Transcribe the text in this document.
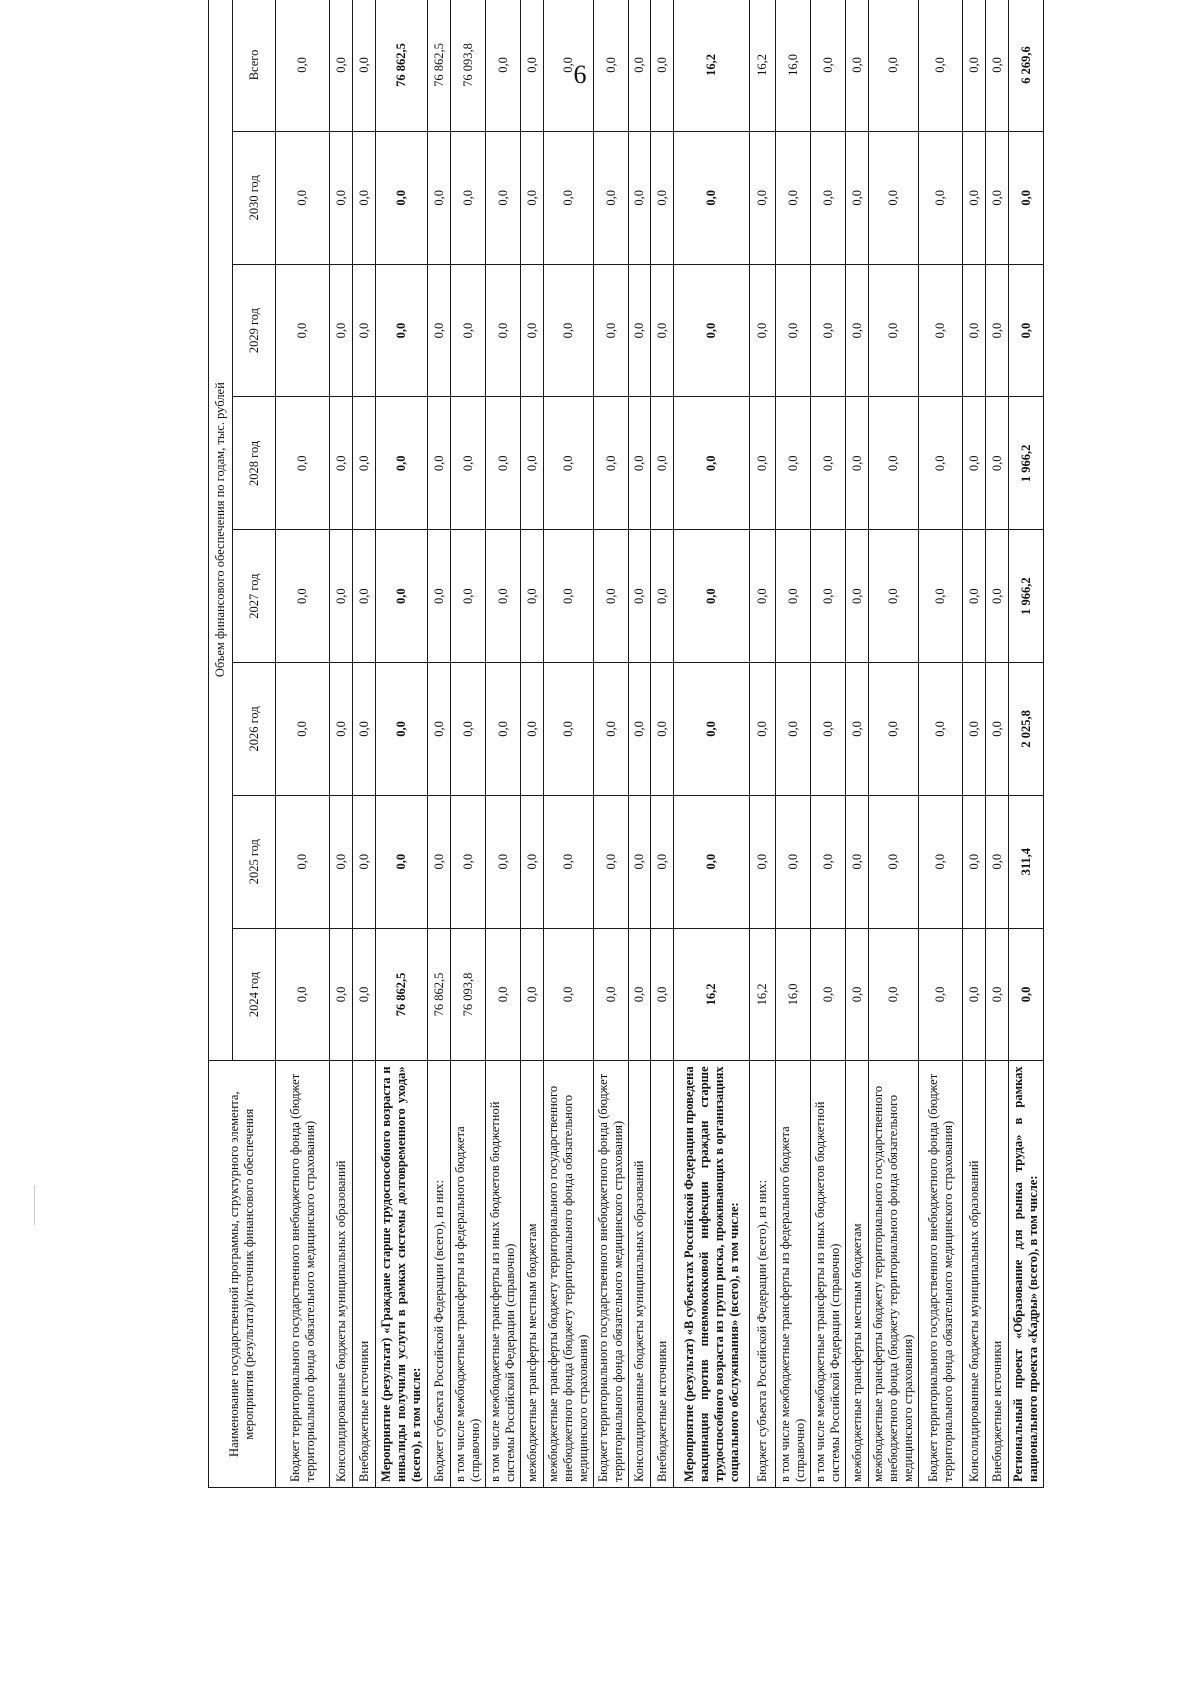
6
Наименование государственной программы, структурного элемента, мероприятия (результата)/источник финансового обеспечения	Объем финансового обеспечения по годам, тыс. рублей							
	2024 год	2025 год	2026 год	2027 год	2028 год	2029 год	2030 год	Всего
Бюджет территориального государственного внебюджетного фонда (бюджет территориального фонда обязательного медицинского страхования)	0,0	0,0	0,0	0,0	0,0	0,0	0,0	0,0
Консолидированные бюджеты муниципальных образований	0,0	0,0	0,0	0,0	0,0	0,0	0,0	0,0
Внебюджетные источники	0,0	0,0	0,0	0,0	0,0	0,0	0,0	0,0
Мероприятие (результат) «Граждане старше трудоспособного возраста и инвалиды получили услуги в рамках системы долговременного ухода» (всего), в том числе:	76 862,5	0,0	0,0	0,0	0,0	0,0	0,0	76 862,5
Бюджет субъекта Российской Федерации (всего), из них:	76 862,5	0,0	0,0	0,0	0,0	0,0	0,0	76 862,5
в том числе межбюджетные трансферты из федерального бюджета (справочно)	76 093,8	0,0	0,0	0,0	0,0	0,0	0,0	76 093,8
в том числе межбюджетные трансферты из иных бюджетов бюджетной системы Российской Федерации (справочно)	0,0	0,0	0,0	0,0	0,0	0,0	0,0	0,0
межбюджетные трансферты местным бюджетам	0,0	0,0	0,0	0,0	0,0	0,0	0,0	0,0
межбюджетные трансферты бюджету территориального государственного внебюджетного фонда (бюджету территориального фонда обязательного медицинского страхования)	0,0	0,0	0,0	0,0	0,0	0,0	0,0	0,0
Бюджет территориального государственного внебюджетного фонда (бюджет территориального фонда обязательного медицинского страхования)	0,0	0,0	0,0	0,0	0,0	0,0	0,0	0,0
Консолидированные бюджеты муниципальных образований	0,0	0,0	0,0	0,0	0,0	0,0	0,0	0,0
Внебюджетные источники	0,0	0,0	0,0	0,0	0,0	0,0	0,0	0,0
Мероприятие (результат) «В субъектах Российской Федерации проведена вакцинация против пневмококковой инфекции граждан старше трудоспособного возраста из групп риска, проживающих в организациях социального обслуживания» (всего), в том числе:	16,2	0,0	0,0	0,0	0,0	0,0	0,0	16,2
Бюджет субъекта Российской Федерации (всего), из них:	16,2	0,0	0,0	0,0	0,0	0,0	0,0	16,2
в том числе межбюджетные трансферты из федерального бюджета (справочно)	16,0	0,0	0,0	0,0	0,0	0,0	0,0	16,0
в том числе межбюджетные трансферты из иных бюджетов бюджетной системы Российской Федерации (справочно)	0,0	0,0	0,0	0,0	0,0	0,0	0,0	0,0
межбюджетные трансферты местным бюджетам	0,0	0,0	0,0	0,0	0,0	0,0	0,0	0,0
межбюджетные трансферты бюджету территориального государственного внебюджетного фонда (бюджету территориального фонда обязательного медицинского страхования)	0,0	0,0	0,0	0,0	0,0	0,0	0,0	0,0
Бюджет территориального государственного внебюджетного фонда (бюджет территориального фонда обязательного медицинского страхования)	0,0	0,0	0,0	0,0	0,0	0,0	0,0	0,0
Консолидированные бюджеты муниципальных образований	0,0	0,0	0,0	0,0	0,0	0,0	0,0	0,0
Внебюджетные источники	0,0	0,0	0,0	0,0	0,0	0,0	0,0	0,0
Региональный проект «Образование для рынка труда» в рамках национального проекта «Кадры» (всего), в том числе:	0,0	311,4	2 025,8	1 966,2	1 966,2	0,0	0,0	6 269,6
